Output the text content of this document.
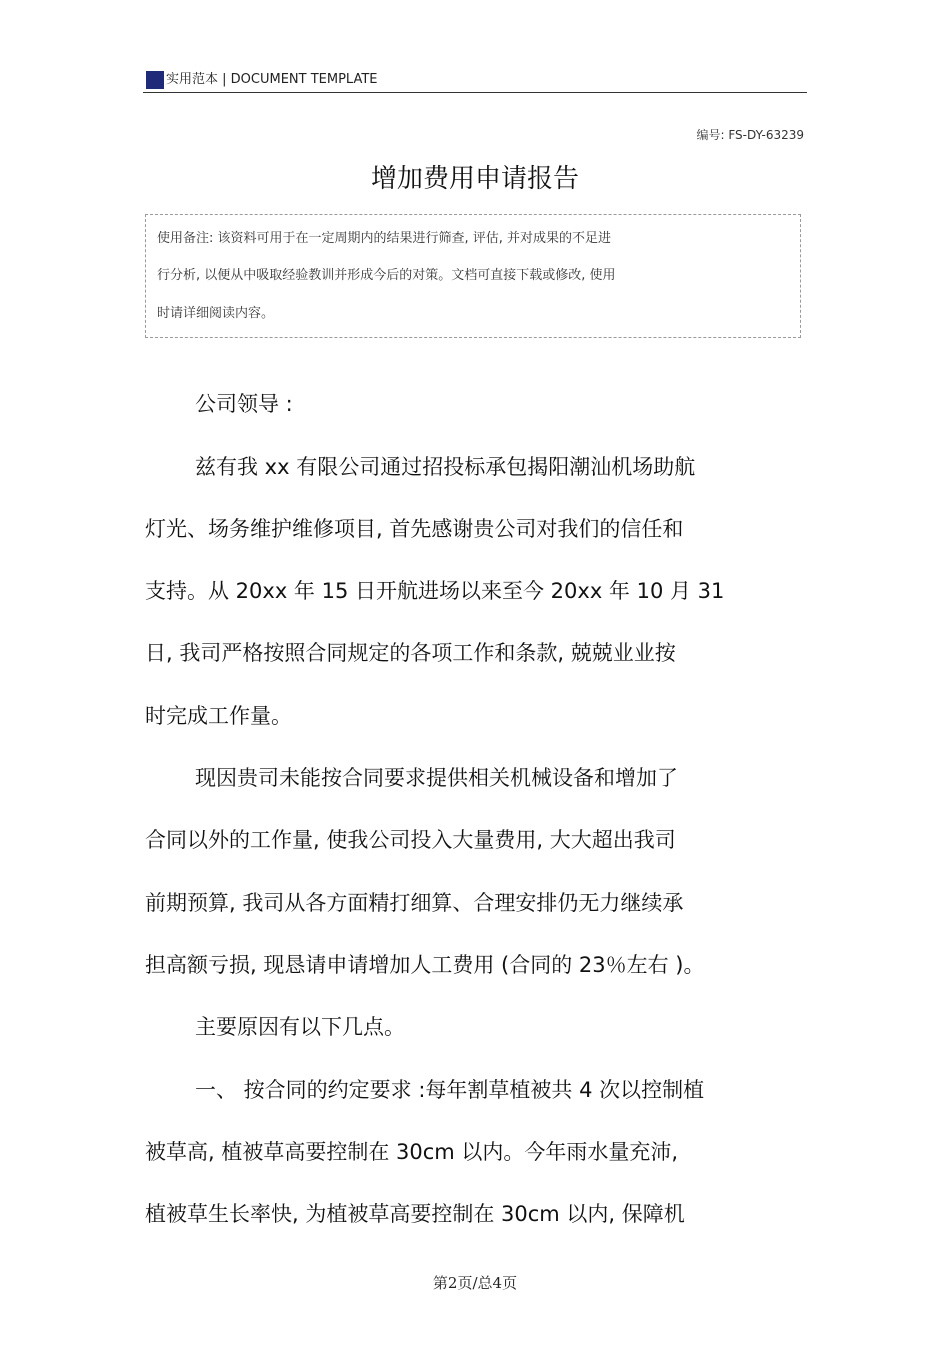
实用范本 | DOCUMENT TEMPLATE
编号: FS-DY-63239
增加费用申请报告
使用备注: 该资料可用于在一定周期内的结果进行筛查, 评估, 并对成果的不足进
行分析, 以便从中吸取经验教训并形成今后的对策。文档可直接下载或修改, 使用
时请详细阅读内容。
公司领导 :
兹有我 xx 有限公司通过招投标承包揭阳潮汕机场助航
灯光、场务维护维修项目, 首先感谢贵公司对我们的信任和
支持。从 20xx 年 15 日开航进场以来至今 20xx 年 10 月 31
日, 我司严格按照合同规定的各项工作和条款, 兢兢业业按
时完成工作量。
现因贵司未能按合同要求提供相关机械设备和增加了
合同以外的工作量, 使我公司投入大量费用, 大大超出我司
前期预算, 我司从各方面精打细算、合理安排仍无力继续承
担高额亏损, 现恳请申请增加人工费用 (合同的 23％左右 )。
主要原因有以下几点。
一、 按合同的约定要求 :每年割草植被共 4 次以控制植
被草高, 植被草高要控制在 30cm 以内。今年雨水量充沛,
植被草生长率快, 为植被草高要控制在 30cm 以内, 保障机
第2页/总4页
